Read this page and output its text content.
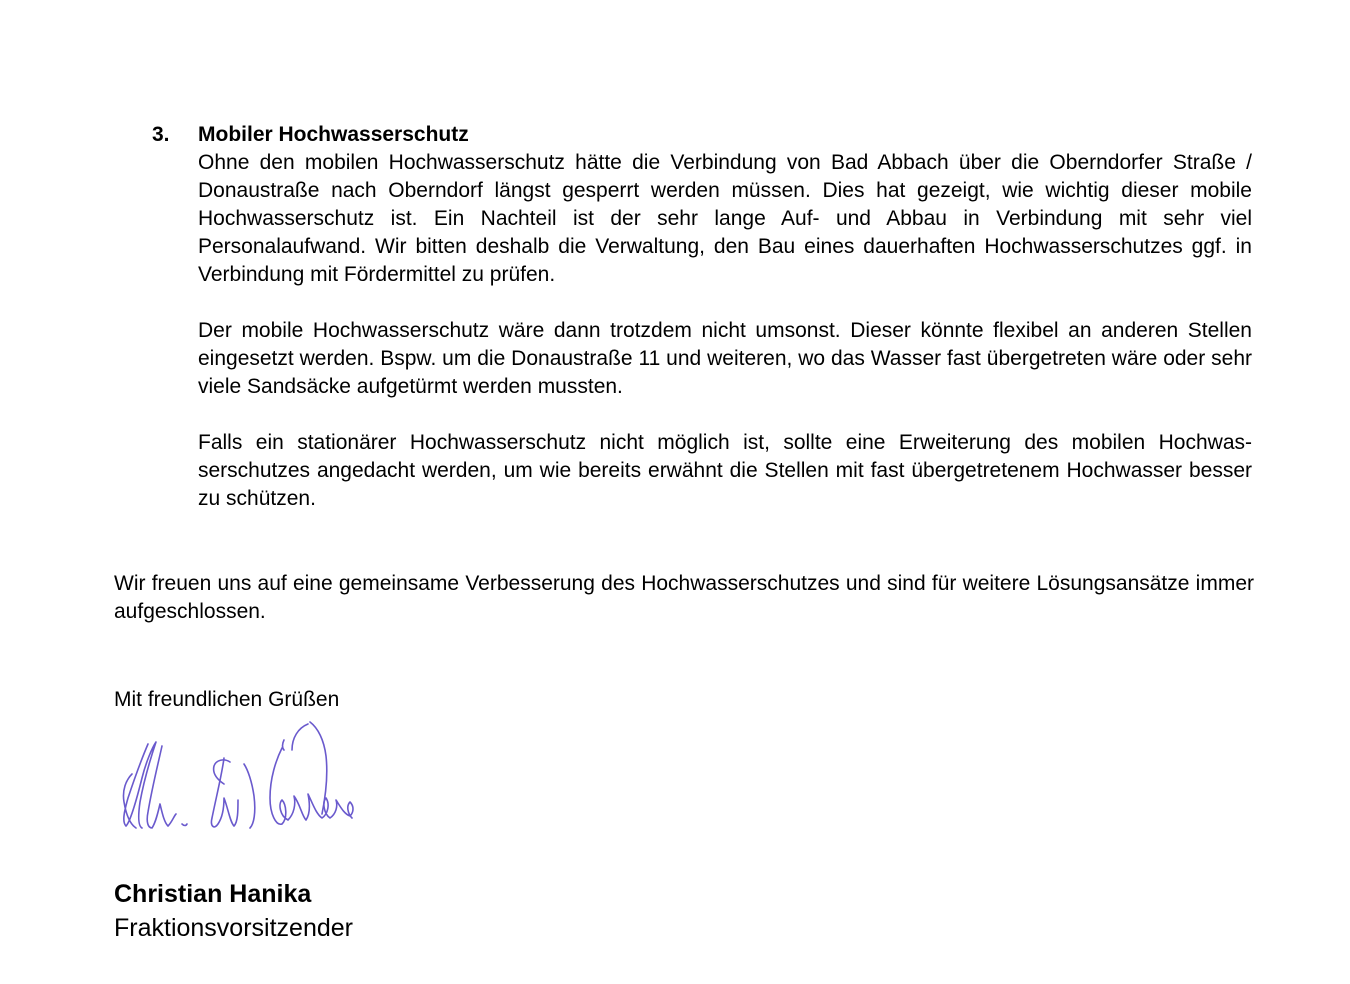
3. Mobiler Hochwasserschutz

Ohne den mobilen Hochwasserschutz hätte die Verbindung von Bad Abbach über die Oberndorfer Straße / Donaustraße nach Oberndorf längst gesperrt werden müssen. Dies hat gezeigt, wie wichtig dieser mobile Hochwasserschutz ist. Ein Nachteil ist der sehr lange Auf- und Abbau in Verbindung mit sehr viel Personalaufwand. Wir bitten deshalb die Verwaltung, den Bau eines dauerhaften Hochwasserschutzes ggf. in Verbindung mit Fördermittel zu prüfen.

Der mobile Hochwasserschutz wäre dann trotzdem nicht umsonst. Dieser könnte flexibel an anderen Stellen eingesetzt werden. Bspw. um die Donaustraße 11 und weiteren, wo das Wasser fast übergetreten wäre oder sehr viele Sandsäcke aufgetürmt werden mussten.

Falls ein stationärer Hochwasserschutz nicht möglich ist, sollte eine Erweiterung des mobilen Hochwasserschutzes angedacht werden, um wie bereits erwähnt die Stellen mit fast übergetretenem Hochwasser besser zu schützen.

Wir freuen uns auf eine gemeinsame Verbesserung des Hochwasserschutzes und sind für weitere Lösungsansätze immer aufgeschlossen.

Mit freundlichen Grüßen

Christian Hanika

Fraktionsvorsitzender
